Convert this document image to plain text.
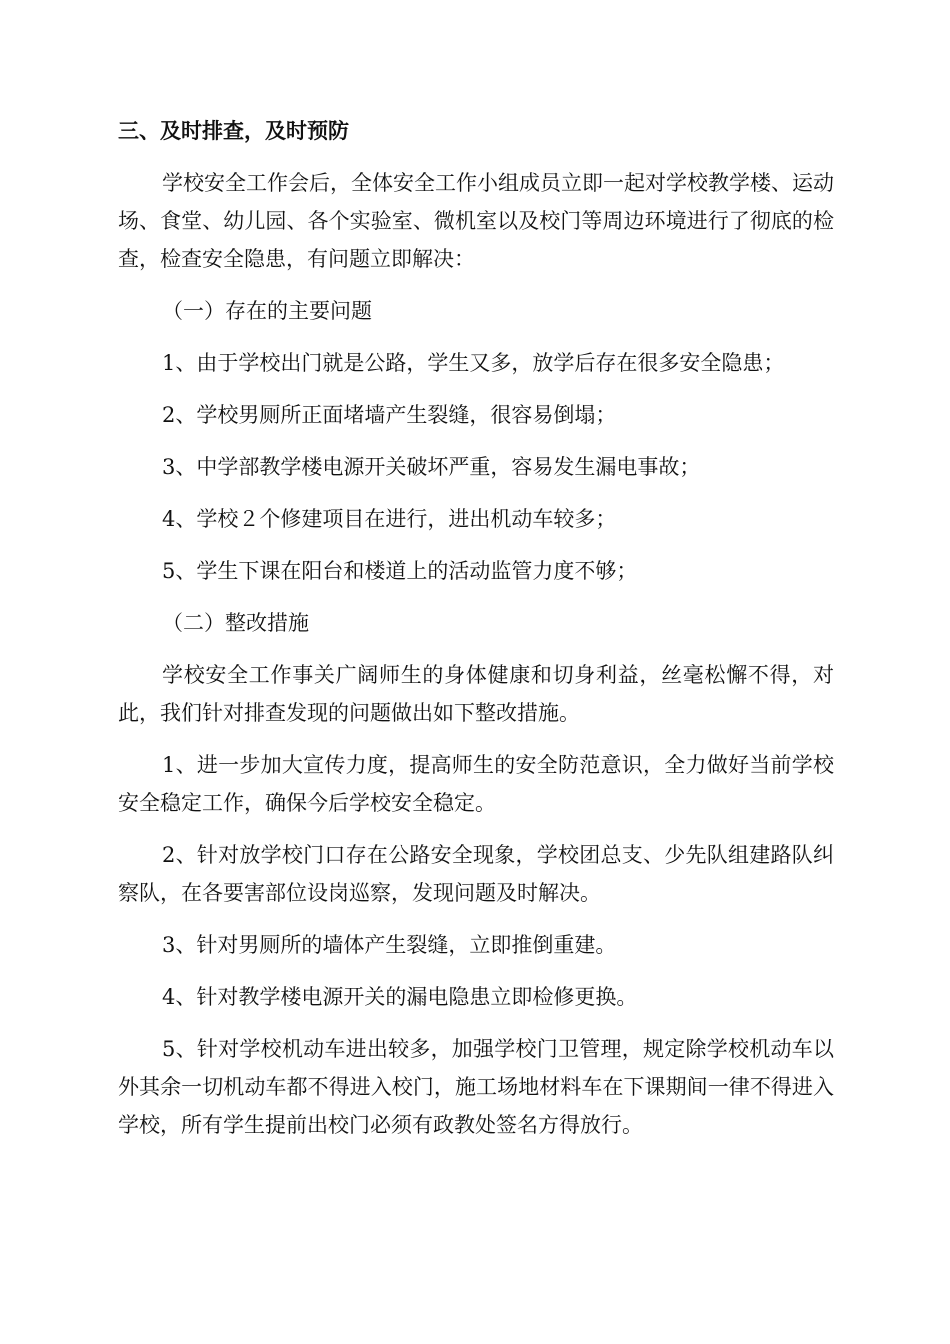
三、及时排查，及时预防

学校安全工作会后，全体安全工作小组成员立即一起对学校教学楼、运动场、食堂、幼儿园、各个实验室、微机室以及校门等周边环境进行了彻底的检查，检查安全隐患，有问题立即解决：

（一）存在的主要问题

1、由于学校出门就是公路，学生又多，放学后存在很多安全隐患；

2、学校男厕所正面堵墙产生裂缝，很容易倒塌；

3、中学部教学楼电源开关破坏严重，容易发生漏电事故；

4、学校２个修建项目在进行，进出机动车较多；

5、学生下课在阳台和楼道上的活动监管力度不够；

（二）整改措施

学校安全工作事关广阔师生的身体健康和切身利益，丝毫松懈不得，对此，我们针对排查发现的问题做出如下整改措施。

1、进一步加大宣传力度，提高师生的安全防范意识，全力做好当前学校安全稳定工作，确保今后学校安全稳定。

2、针对放学校门口存在公路安全现象，学校团总支、少先队组建路队纠察队，在各要害部位设岗巡察，发现问题及时解决。

3、针对男厕所的墙体产生裂缝，立即推倒重建。

4、针对教学楼电源开关的漏电隐患立即检修更换。

5、针对学校机动车进出较多，加强学校门卫管理，规定除学校机动车以外其余一切机动车都不得进入校门，施工场地材料车在下课期间一律不得进入学校，所有学生提前出校门必须有政教处签名方得放行。
